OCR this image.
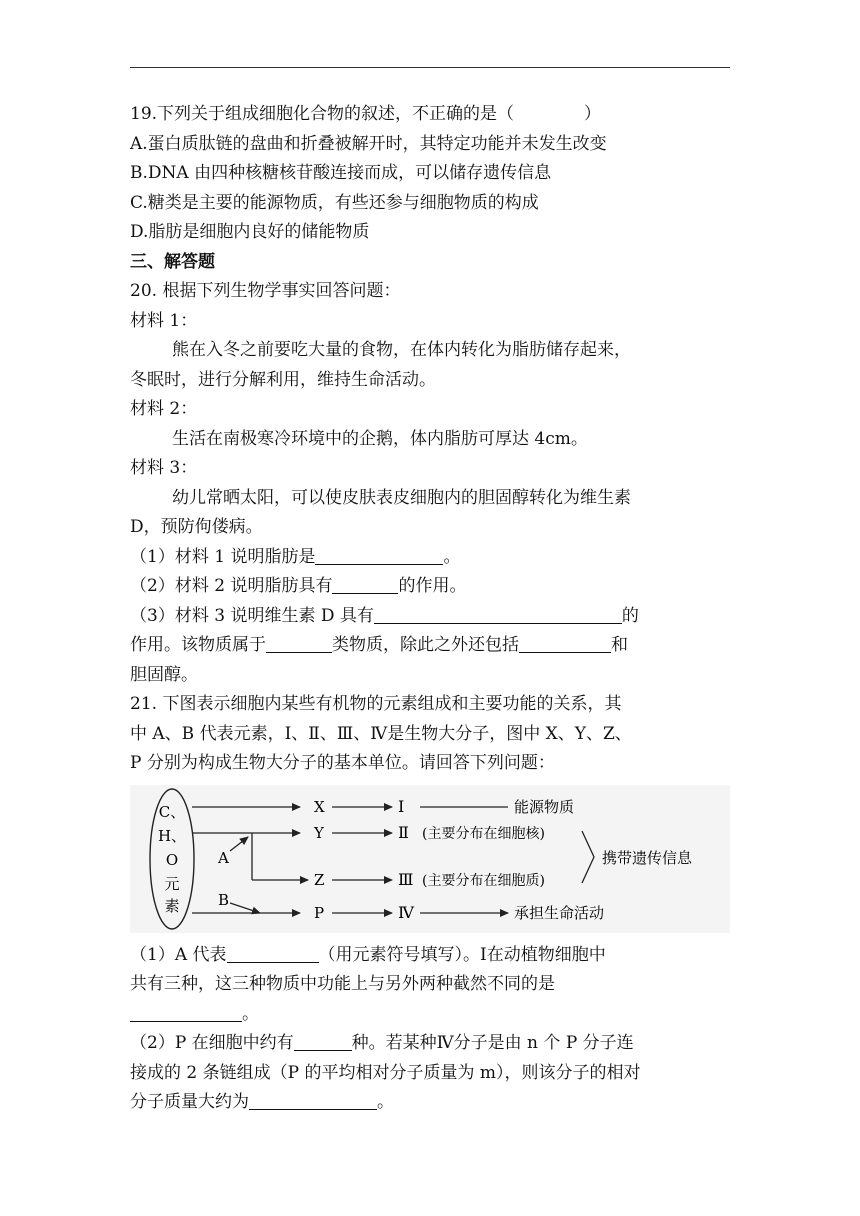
19.下列关于组成细胞化合物的叙述，不正确的是（	）
A.蛋白质肽链的盘曲和折叠被解开时，其特定功能并未发生改变
B.DNA 由四种核糖核苷酸连接而成，可以储存遗传信息
C.糖类是主要的能源物质，有些还参与细胞物质的构成
D.脂肪是细胞内良好的储能物质
三、解答题
20. 根据下列生物学事实回答问题：
材料 1：
熊在入冬之前要吃大量的食物，在体内转化为脂肪储存起来，
冬眠时，进行分解利用，维持生命活动。
材料 2：
生活在南极寒冷环境中的企鹅，体内脂肪可厚达 4cm。
材料 3：
幼儿常晒太阳，可以使皮肤表皮细胞内的胆固醇转化为维生素
D，预防佝偻病。
（1）材料 1 说明脂肪是	。
（2）材料 2 说明脂肪具有	的作用。
（3）材料 3 说明维生素 D 具有	的
作用。该物质属于	类物质，除此之外还包括	和
胆固醇。
21. 下图表示细胞内某些有机物的元素组成和主要功能的关系，其
中 A、B 代表元素，Ⅰ、Ⅱ、Ⅲ、Ⅳ是生物大分子，图中 X、Y、Z、
P 分别为构成生物大分子的基本单位。请回答下列问题：
C、
H、
O
元
素
A
B
X
Y
Z
P
Ⅰ
Ⅱ
Ⅲ
Ⅳ
能源物质
(主要分布在细胞核)
(主要分布在细胞质)
携带遗传信息
承担生命活动
（1）A 代表	（用元素符号填写）。Ⅰ在动植物细胞中
共有三种，这三种物质中功能上与另外两种截然不同的是
。
（2）P 在细胞中约有	种。若某种Ⅳ分子是由 n 个 P 分子连
接成的 2 条链组成（P 的平均相对分子质量为 m），则该分子的相对
分子质量大约为	。
